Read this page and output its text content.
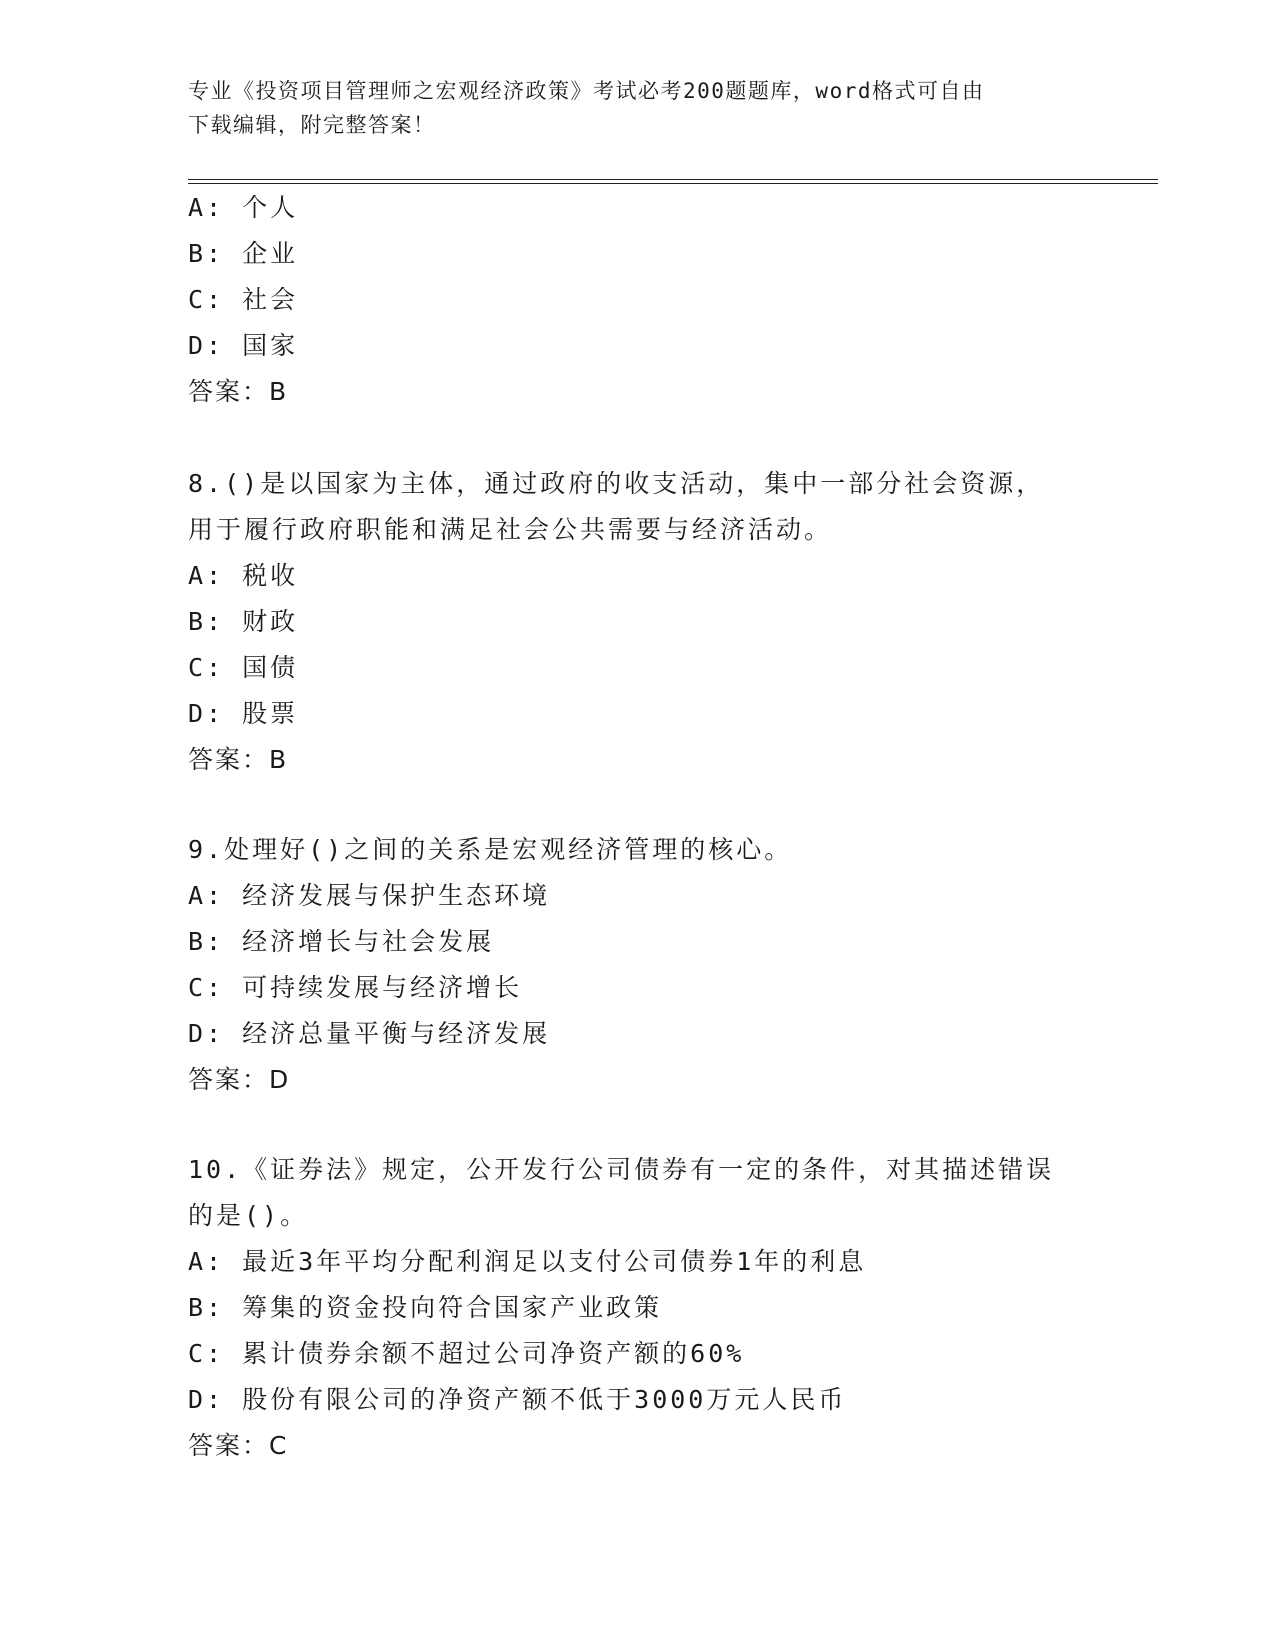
专业《投资项目管理师之宏观经济政策》考试必考200题题库，word格式可自由
下载编辑，附完整答案！
A: 个人
B: 企业
C: 社会
D: 国家
答案：B
8.()是以国家为主体，通过政府的收支活动，集中一部分社会资源，
用于履行政府职能和满足社会公共需要与经济活动。
A: 税收
B: 财政
C: 国债
D: 股票
答案：B
9.处理好()之间的关系是宏观经济管理的核心。
A: 经济发展与保护生态环境
B: 经济增长与社会发展
C: 可持续发展与经济增长
D: 经济总量平衡与经济发展
答案：D
10.《证券法》规定，公开发行公司债券有一定的条件，对其描述错误
的是()。
A: 最近3年平均分配利润足以支付公司债券1年的利息
B: 筹集的资金投向符合国家产业政策
C: 累计债券余额不超过公司净资产额的60%
D: 股份有限公司的净资产额不低于3000万元人民币
答案：C
